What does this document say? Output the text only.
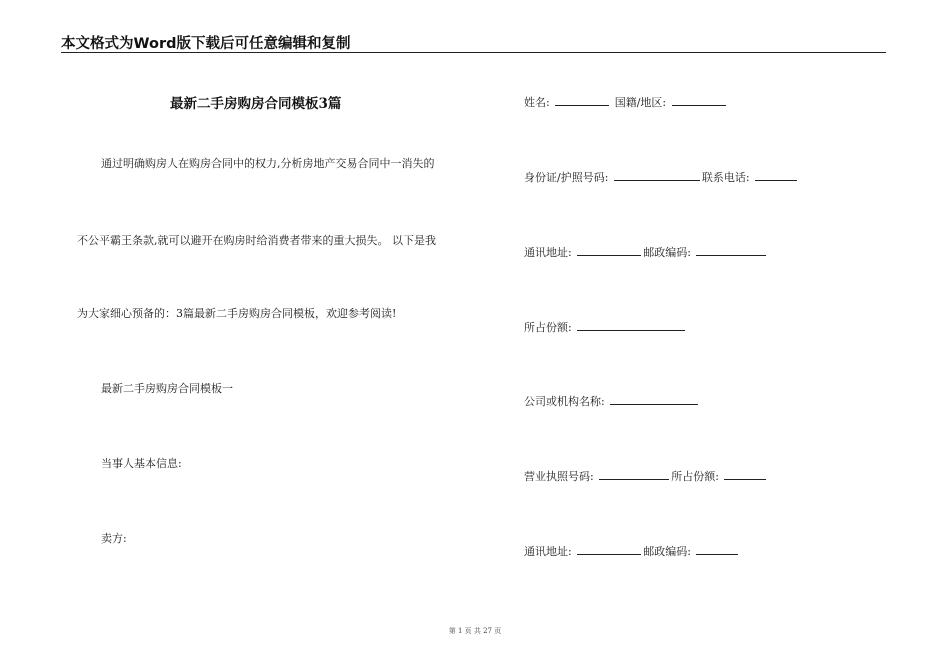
本文格式为Word版下载后可任意编辑和复制
最新二手房购房合同模板3篇
通过明确购房人在购房合同中的权力,分析房地产交易合同中一消失的
不公平霸王条款,就可以避开在购房时给消费者带来的重大损失。 以下是我
为大家细心预备的：3篇最新二手房购房合同模板，欢迎参考阅读!
最新二手房购房合同模板一
当事人基本信息:
卖方:
姓名:	国籍/地区:
身份证/护照号码:	联系电话:
通讯地址:	邮政编码:
所占份额:
公司或机构名称:
营业执照号码:	所占份额:
通讯地址:	邮政编码:
第 1 页 共 27 页
